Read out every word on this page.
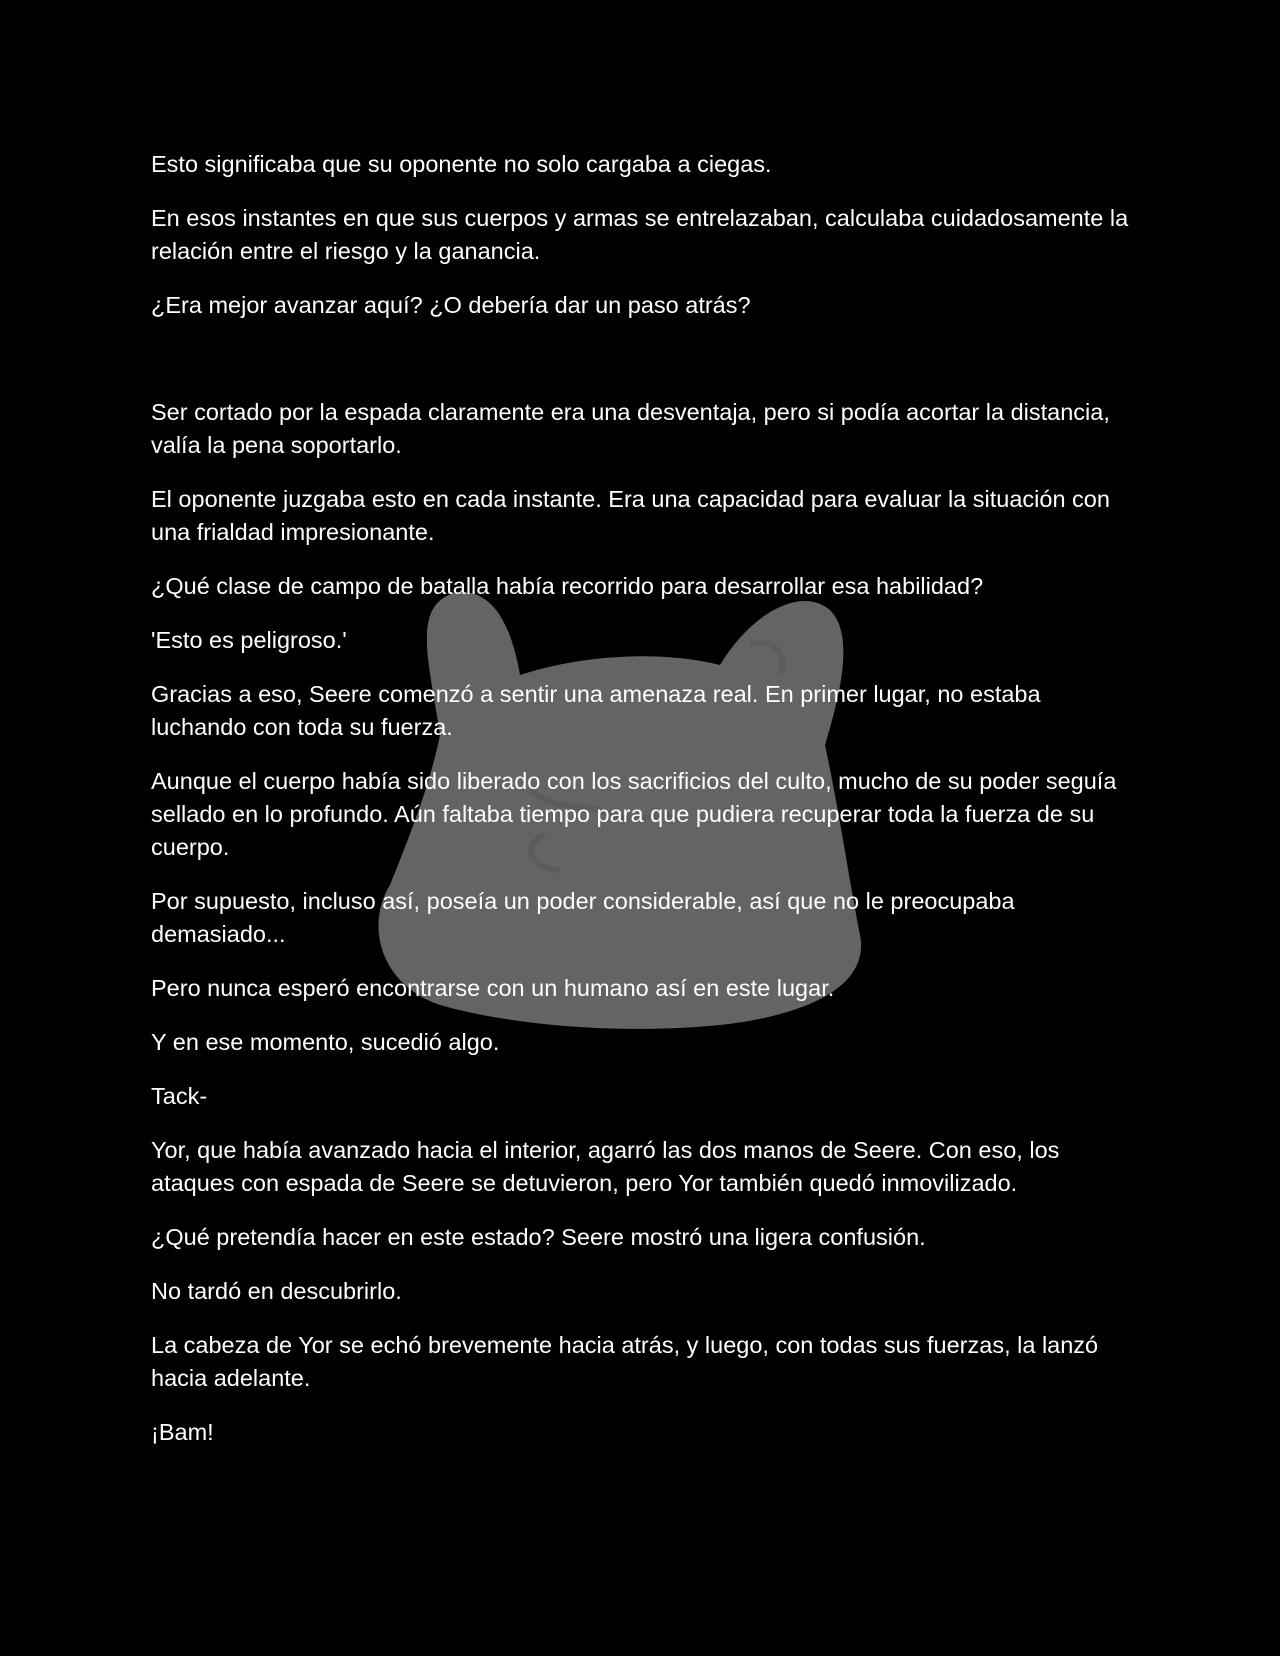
Esto significaba que su oponente no solo cargaba a ciegas.

En esos instantes en que sus cuerpos y armas se entrelazaban, calculaba cuidadosamente la relación entre el riesgo y la ganancia.

¿Era mejor avanzar aquí? ¿O debería dar un paso atrás?

Ser cortado por la espada claramente era una desventaja, pero si podía acortar la distancia, valía la pena soportarlo.

El oponente juzgaba esto en cada instante. Era una capacidad para evaluar la situación con una frialdad impresionante.

¿Qué clase de campo de batalla había recorrido para desarrollar esa habilidad?

'Esto es peligroso.'

Gracias a eso, Seere comenzó a sentir una amenaza real. En primer lugar, no estaba luchando con toda su fuerza.

Aunque el cuerpo había sido liberado con los sacrificios del culto, mucho de su poder seguía sellado en lo profundo. Aún faltaba tiempo para que pudiera recuperar toda la fuerza de su cuerpo.

Por supuesto, incluso así, poseía un poder considerable, así que no le preocupaba demasiado...

Pero nunca esperó encontrarse con un humano así en este lugar.

Y en ese momento, sucedió algo.

Tack-

Yor, que había avanzado hacia el interior, agarró las dos manos de Seere. Con eso, los ataques con espada de Seere se detuvieron, pero Yor también quedó inmovilizado.

¿Qué pretendía hacer en este estado? Seere mostró una ligera confusión.

No tardó en descubrirlo.

La cabeza de Yor se echó brevemente hacia atrás, y luego, con todas sus fuerzas, la lanzó hacia adelante.

¡Bam!
